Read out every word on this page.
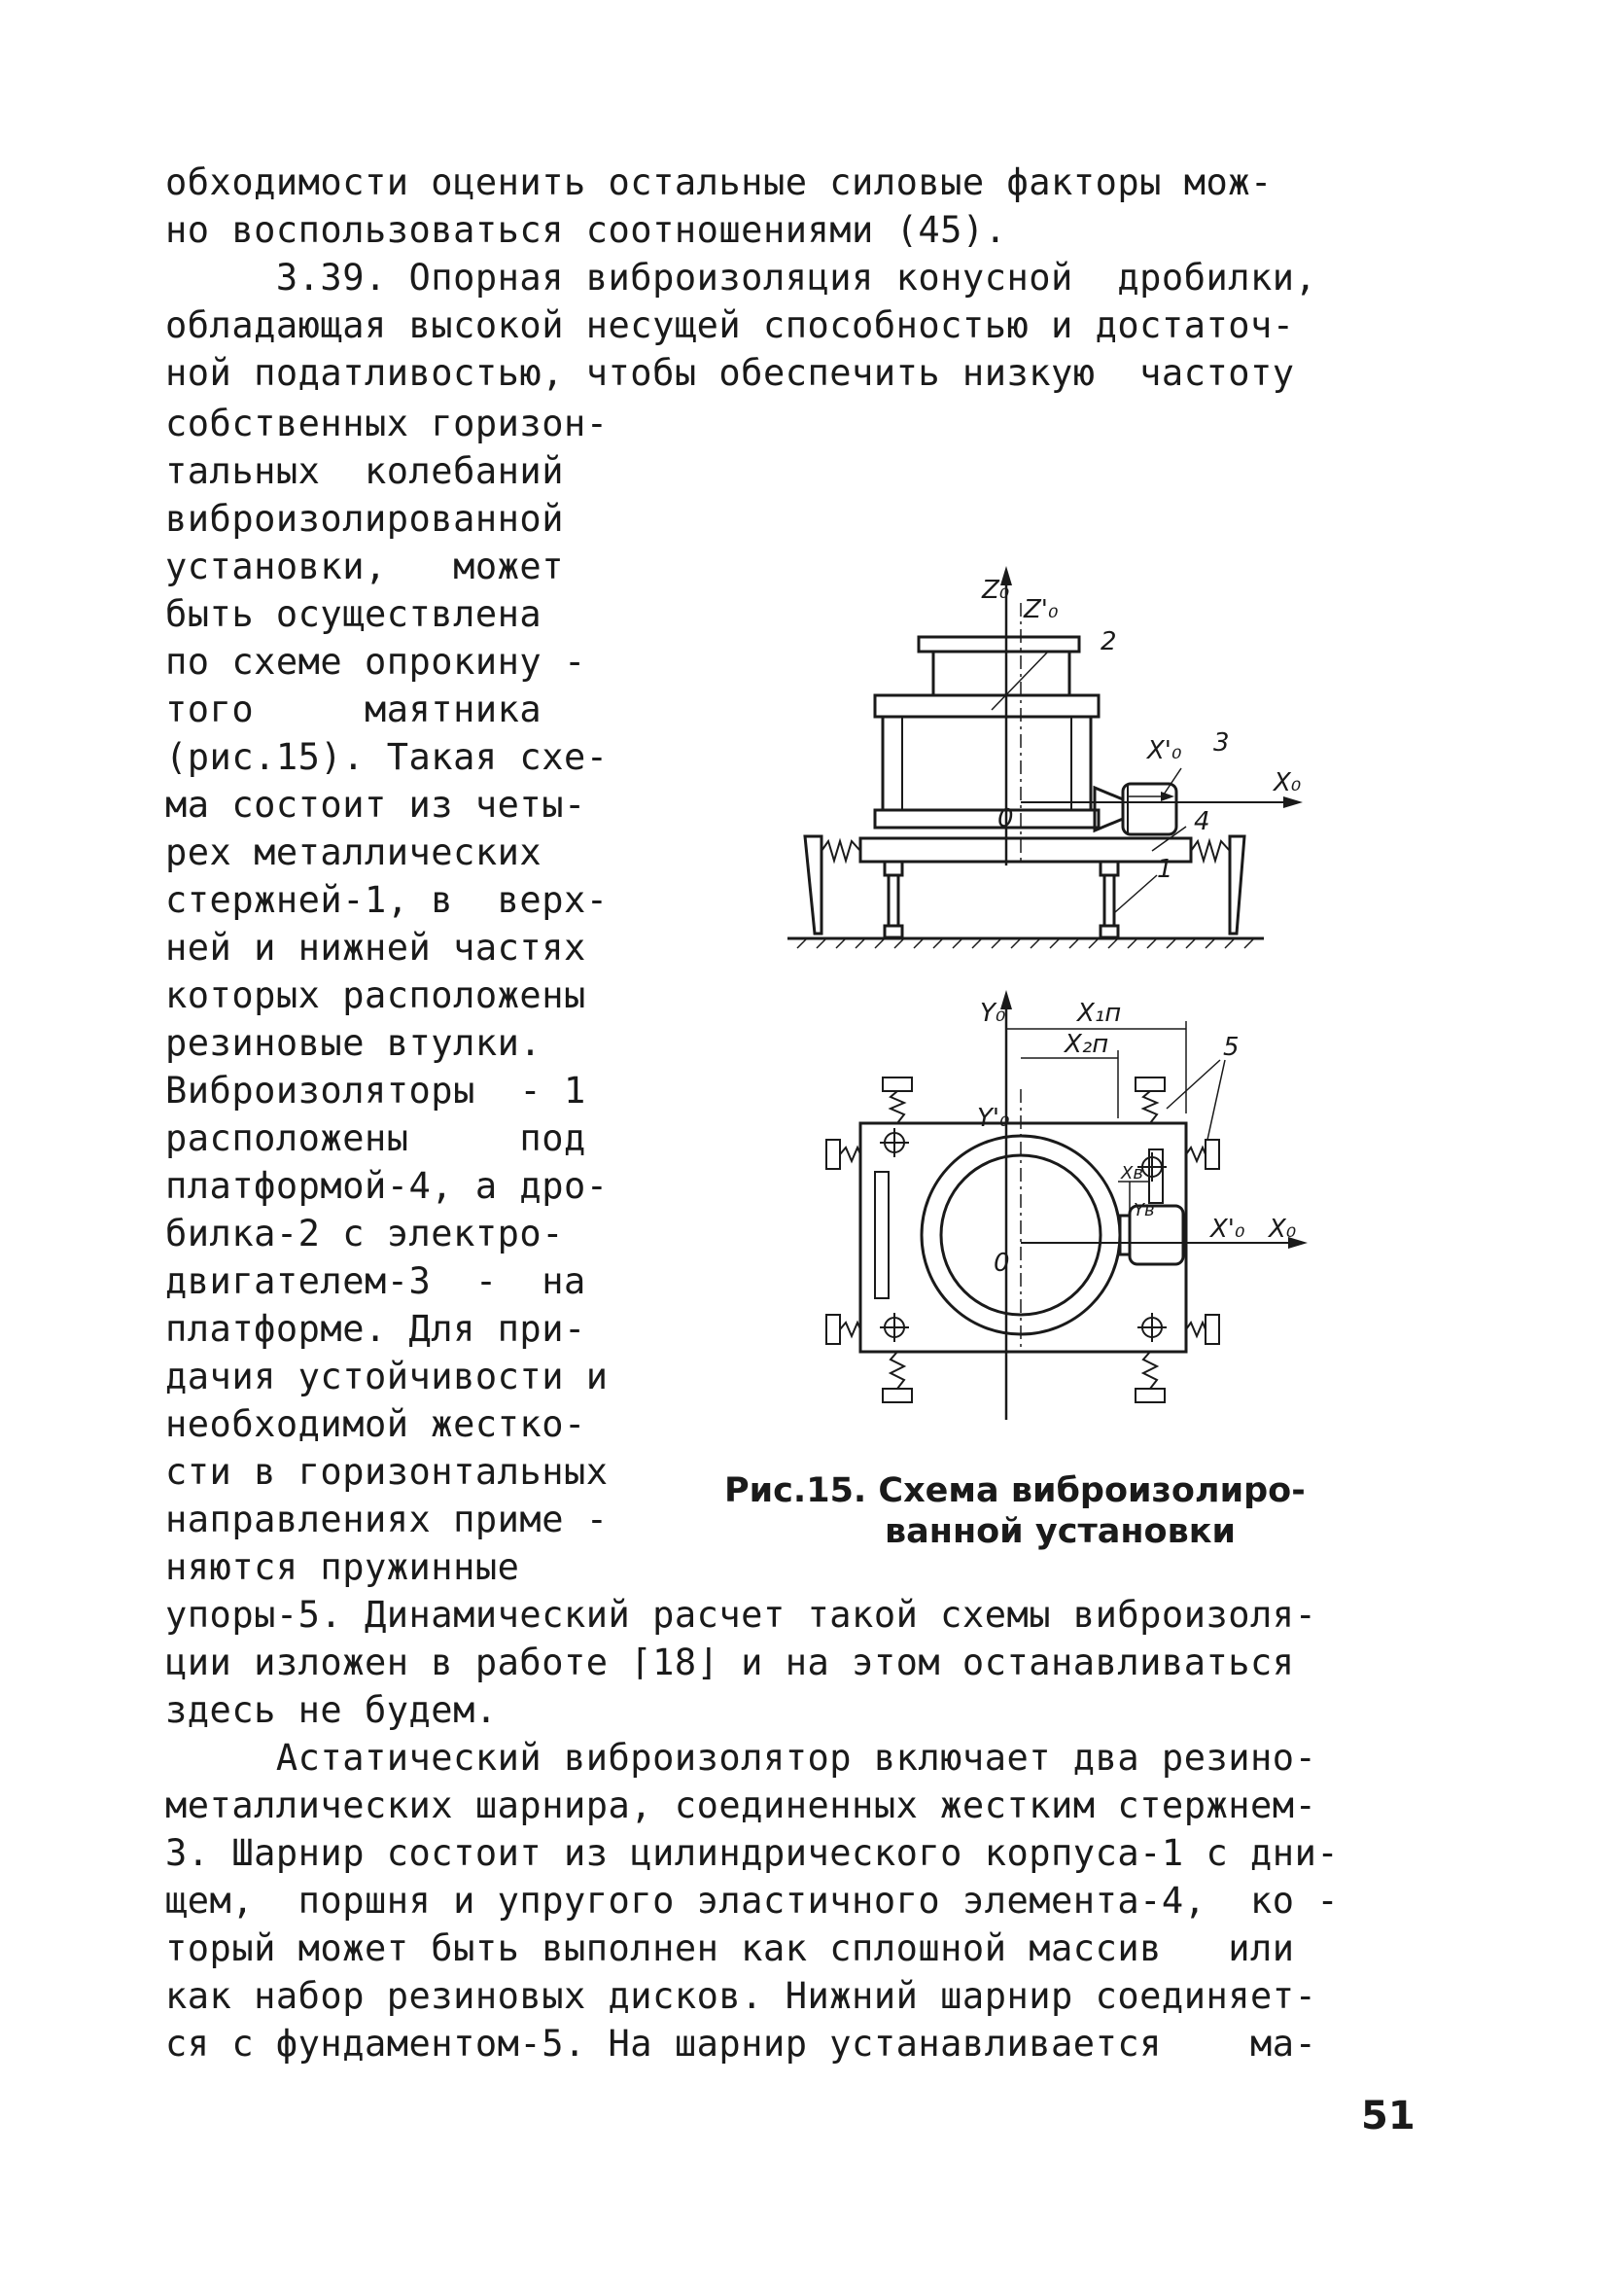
обходимости оценить остальные силовые факторы мож-
но воспользоваться соотношениями (45).
3.39. Опорная виброизоляция конусной  дробилки,
обладающая высокой несущей способностью и достаточ-
ной податливостью, чтобы обеспечить низкую  частоту
собственных горизон-
тальных  колебаний
виброизолированной
установки,   может
быть осуществлена
по схеме опрокину -
того     маятника
(рис.15). Такая схе-
ма состоит из четы-
рех металлических
стержней-1, в  верх-
ней и нижней частях
которых расположены
резиновые втулки.
Виброизоляторы  - 1
расположены     под
платформой-4, а дро-
билка-2 с электро-
двигателем-3  -  на
платформе. Для при-
дачия устойчивости и
необходимой жестко-
сти в горизонтальных
направлениях приме -
няются пружинные
Z₀
Z'₀
2
X'₀ 3
X₀
0	4
1
Y₀	X₁п
X₂п	5
Y'₀
Xв
Yв
X'₀ X₀
0
Рис.15. Схема виброизолиро-
ванной установки
упоры-5. Динамический расчет такой схемы виброизоля-
ции изложен в работе ⌈18⌋ и на этом останавливаться
здесь не будем.
Астатический виброизолятор включает два резино-
металлических шарнира, соединенных жестким стержнем-
3. Шарнир состоит из цилиндрического корпуса-1 с дни-
щем,  поршня и упругого эластичного элемента-4,  ко -
торый может быть выполнен как сплошной массив   или
как набор резиновых дисков. Нижний шарнир соединяет-
ся с фундаментом-5. На шарнир устанавливается    ма-
51
